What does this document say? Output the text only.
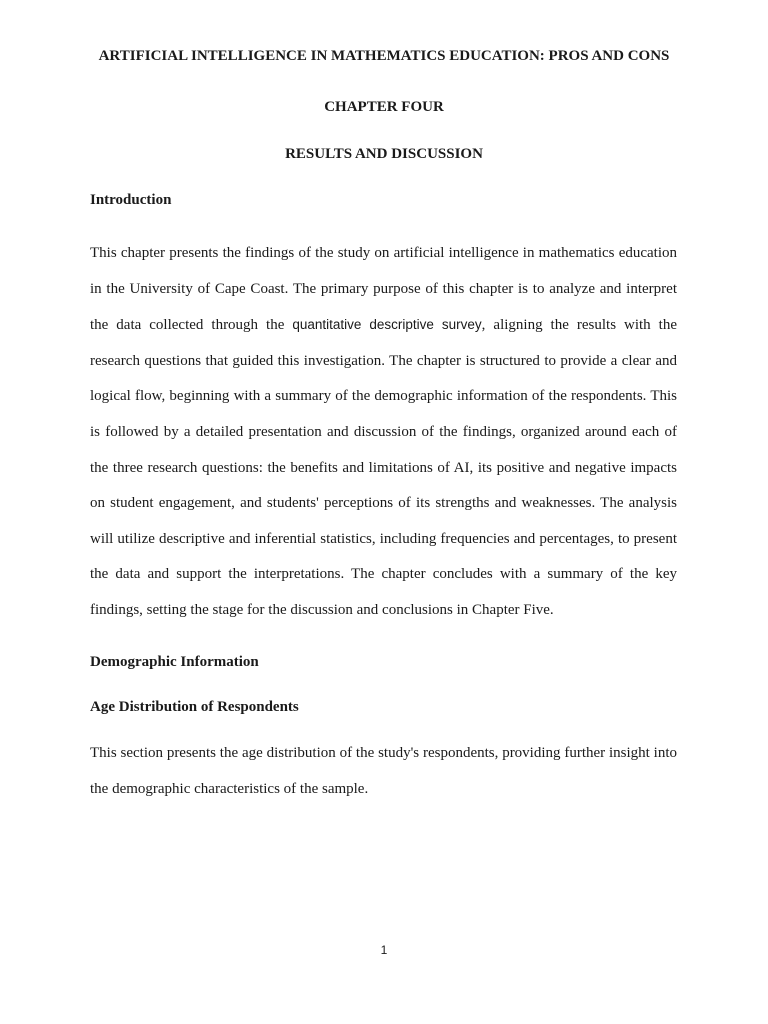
ARTIFICIAL INTELLIGENCE IN MATHEMATICS EDUCATION: PROS AND CONS
CHAPTER FOUR
RESULTS AND DISCUSSION
Introduction

This chapter presents the findings of the study on artificial intelligence in mathematics education in the University of Cape Coast. The primary purpose of this chapter is to analyze and interpret the data collected through the quantitative descriptive survey, aligning the results with the research questions that guided this investigation. The chapter is structured to provide a clear and logical flow, beginning with a summary of the demographic information of the respondents. This is followed by a detailed presentation and discussion of the findings, organized around each of the three research questions: the benefits and limitations of AI, its positive and negative impacts on student engagement, and students' perceptions of its strengths and weaknesses. The analysis will utilize descriptive and inferential statistics, including frequencies and percentages, to present the data and support the interpretations. The chapter concludes with a summary of the key findings, setting the stage for the discussion and conclusions in Chapter Five.

Demographic Information
Age Distribution of Respondents

This section presents the age distribution of the study's respondents, providing further insight into the demographic characteristics of the sample.

1
